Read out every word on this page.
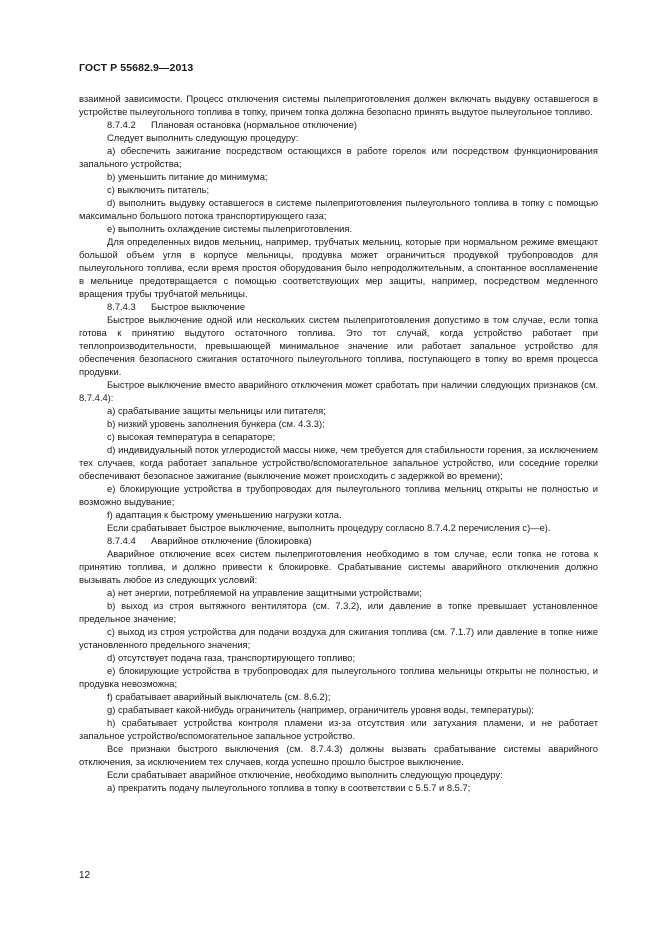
ГОСТ Р 55682.9—2013

взаимной зависимости. Процесс отключения системы пылеприготовления должен включать выдувку оставшегося в устройстве пылеугольного топлива в топку, причем топка должна безопасно принять выдутое пылеугольное топливо.

8.7.4.2 Плановая остановка (нормальное отключение)

Следует выполнить следующую процедуру:

a) обеспечить зажигание посредством остающихся в работе горелок или посредством функционирования запального устройства;

b) уменьшить питание до минимума;

c) выключить питатель;

d) выполнить выдувку оставшегося в системе пылеприготовления пылеугольного топлива в топку с помощью максимально большого потока транспортирующего газа;

e) выполнить охлаждение системы пылеприготовления.

Для определенных видов мельниц, например, трубчатых мельниц, которые при нормальном режиме вмещают большой объем угля в корпусе мельницы, продувка может ограничиться продувкой трубопроводов для пылеугольного топлива, если время простоя оборудования было непродолжительным, а спонтанное воспламенение в мельнице предотвращается с помощью соответствующих мер защиты, например, посредством медленного вращения трубы трубчатой мельницы.

8.7.4.3 Быстрое выключение

Быстрое выключение одной или нескольких систем пылеприготовления допустимо в том случае, если топка готова к принятию выдутого остаточного топлива. Это тот случай, когда устройство работает при теплопроизводительности, превышающей минимальное значение или работает запальное устройство для обеспечения безопасного сжигания остаточного пылеугольного топлива, поступающего в топку во время процесса продувки.

Быстрое выключение вместо аварийного отключения может сработать при наличии следующих признаков (см. 8.7.4.4):

a) срабатывание защиты мельницы или питателя;

b) низкий уровень заполнения бункера (см. 4.3.3);

c) высокая температура в сепараторе;

d) индивидуальный поток углеродистой массы ниже, чем требуется для стабильности горения, за исключением тех случаев, когда работает запальное устройство/вспомогательное запальное устройство, или соседние горелки обеспечивают безопасное зажигание (выключение может происходить с задержкой во времени);

e) блокирующие устройства в трубопроводах для пылеугольного топлива мельниц открыты не полностью и возможно выдувание;

f) адаптация к быстрому уменьшению нагрузки котла.

Если срабатывает быстрое выключение, выполнить процедуру согласно 8.7.4.2 перечисления с)—е).

8.7.4.4 Аварийное отключение (блокировка)

Аварийное отключение всех систем пылеприготовления необходимо в том случае, если топка не готова к принятию топлива, и должно привести к блокировке. Срабатывание системы аварийного отключения должно вызывать любое из следующих условий:

a) нет энергии, потребляемой на управление защитными устройствами;

b) выход из строя вытяжного вентилятора (см. 7.3.2), или давление в топке превышает установленное предельное значение;

c) выход из строя устройства для подачи воздуха для сжигания топлива (см. 7.1.7) или давление в топке ниже установленного предельного значения;

d) отсутствует подача газа, транспортирующего топливо;

e) блокирующие устройства в трубопроводах для пылеугольного топлива мельницы открыты не полностью, и продувка невозможна;

f) срабатывает аварийный выключатель (см. 8.6.2);

g) срабатывает какой-нибудь ограничитель (например, ограничитель уровня воды, температуры);

h) срабатывает устройства контроля пламени из-за отсутствия или затухания пламени, и не работает запальное устройство/вспомогательное запальное устройство.

Все признаки быстрого выключения (см. 8.7.4.3) должны вызвать срабатывание системы аварийного отключения, за исключением тех случаев, когда успешно прошло быстрое выключение.

Если срабатывает аварийное отключение, необходимо выполнить следующую процедуру:

a) прекратить подачу пылеугольного топлива в топку в соответствии с 5.5.7 и 8.5.7;

12
